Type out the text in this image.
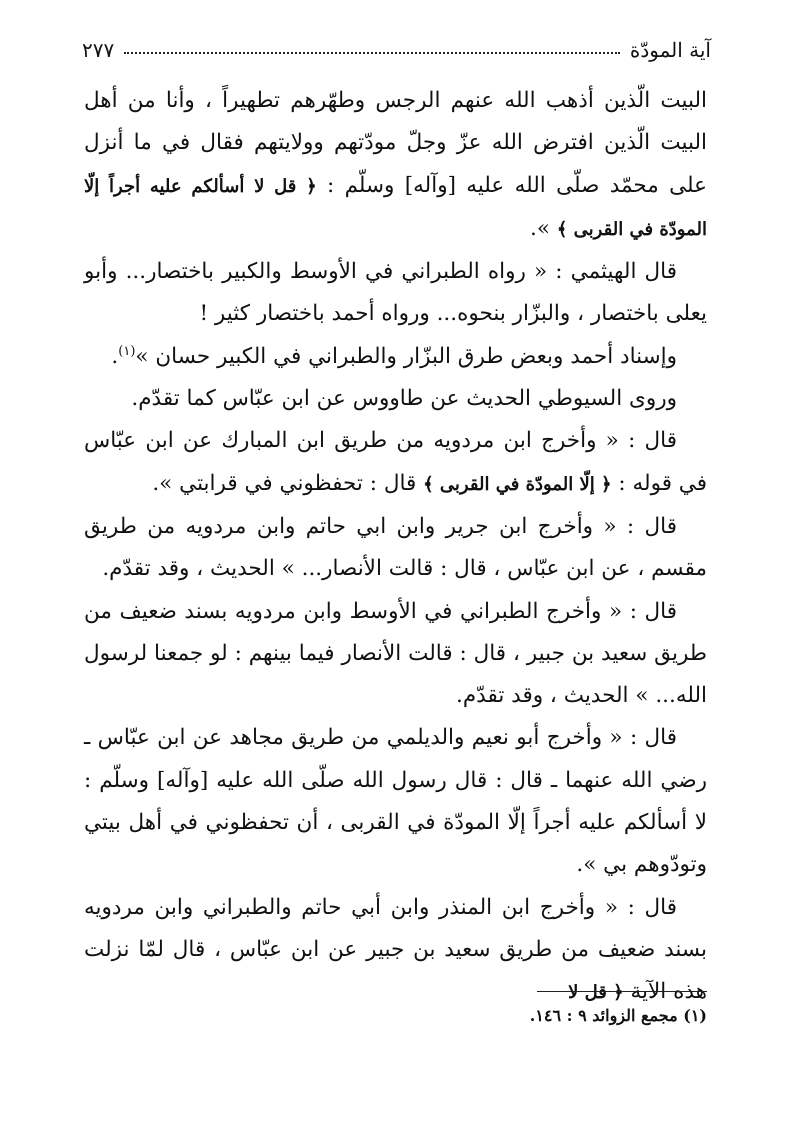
آية المودّة
٢٧٧

البيت الّذين أذهب الله عنهم الرجس وطهّرهم تطهيراً ، وأنا من أهل البيت الّذين افترض الله عزّ وجلّ مودّتهم وولايتهم فقال في ما أنزل على محمّد صلّى الله عليه [وآله] وسلّم : ﴿ قل لا أسألكم عليه أجراً إلّا المودّة في القربى ﴾ ».

قال الهيثمي : « رواه الطبراني في الأوسط والكبير باختصار... وأبو يعلى باختصار ، والبزّار بنحوه... ورواه أحمد باختصار كثير !

وإسناد أحمد وبعض طرق البزّار والطبراني في الكبير حسان »$^{(١)}$.

وروى السيوطي الحديث عن طاووس عن ابن عبّاس كما تقدّم.

قال : « وأخرج ابن مردويه من طريق ابن المبارك عن ابن عبّاس في قوله : ﴿ إلّا المودّة في القربى ﴾ قال : تحفظوني في قرابتي ».

قال : « وأخرج ابن جرير وابن ابي حاتم وابن مردويه من طريق مقسم ، عن ابن عبّاس ، قال : قالت الأنصار... » الحديث ، وقد تقدّم.

قال : « وأخرج الطبراني في الأوسط وابن مردويه بسند ضعيف من طريق سعيد بن جبير ، قال : قالت الأنصار فيما بينهم : لو جمعنا لرسول الله... » الحديث ، وقد تقدّم.

قال : « وأخرج أبو نعيم والديلمي من طريق مجاهد عن ابن عبّاس ـ رضي الله عنهما ـ قال : قال رسول الله صلّى الله عليه [وآله] وسلّم : لا أسألكم عليه أجراً إلّا المودّة في القربى ، أن تحفظوني في أهل بيتي وتودّوهم بي ».

قال : « وأخرج ابن المنذر وابن أبي حاتم والطبراني وابن مردويه بسند ضعيف من طريق سعيد بن جبير عن ابن عبّاس ، قال لمّا نزلت هذه الآية ﴿ قل لا

(١) مجمع الزوائد ٩ : ١٤٦.
